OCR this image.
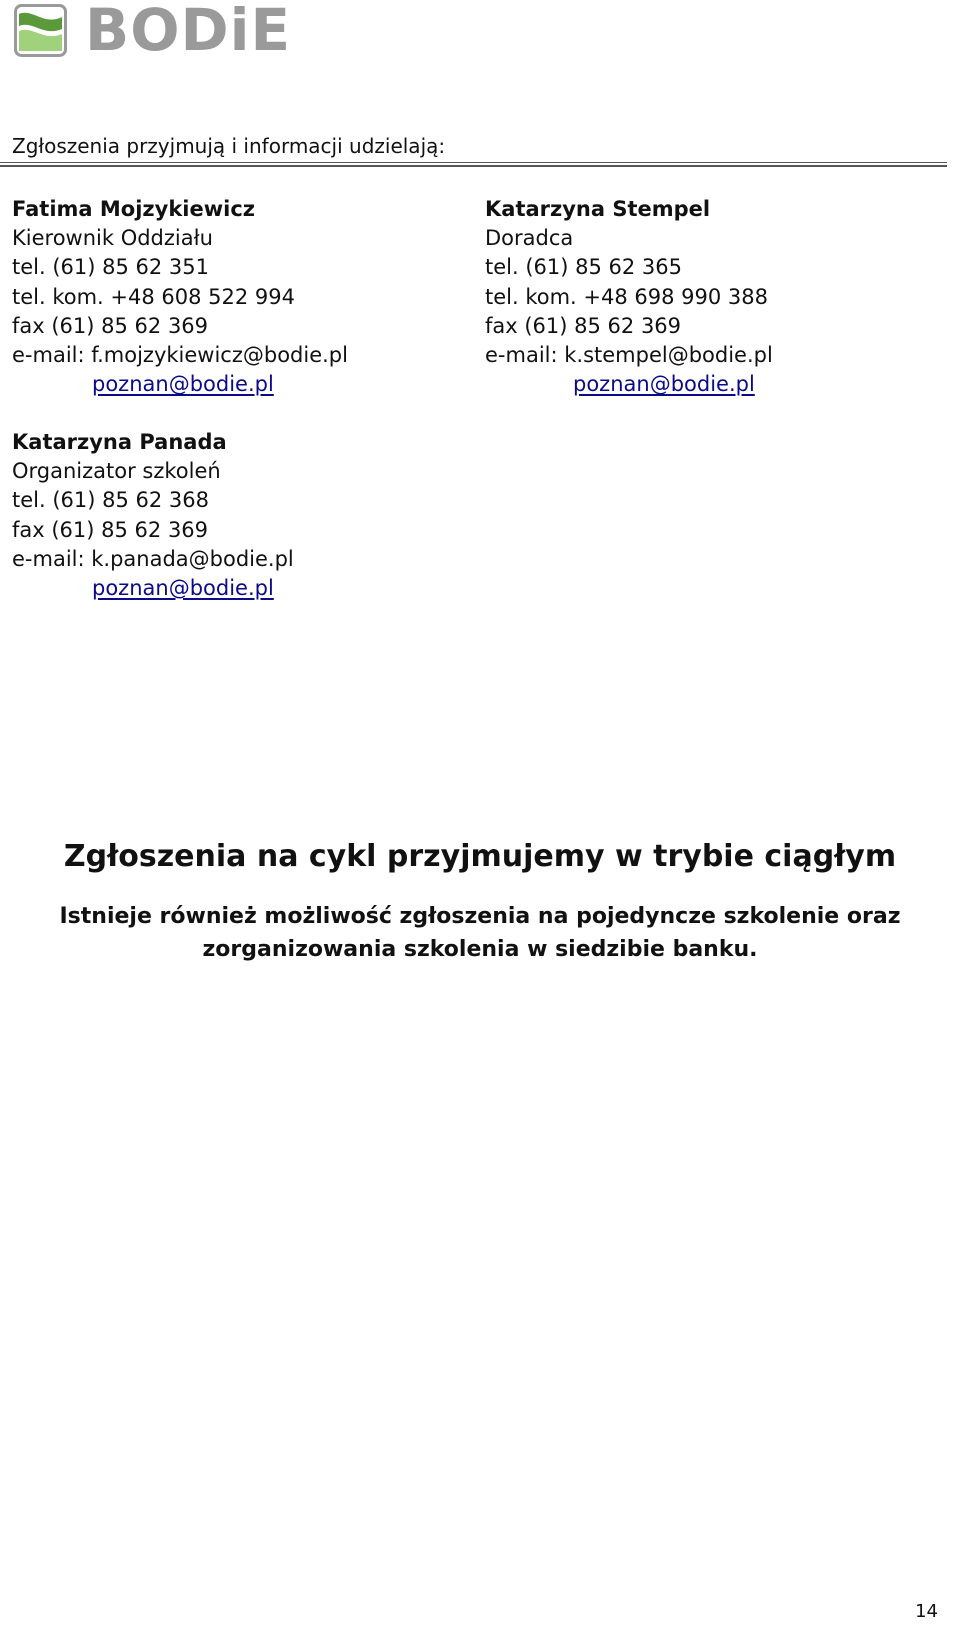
BODiE
Zgłoszenia przyjmują i informacji udzielają:
Fatima Mojzykiewicz
Kierownik Oddziału
tel. (61) 85 62 351
tel. kom. +48 608 522 994
fax (61) 85 62 369
e-mail: f.mojzykiewicz@bodie.pl
poznan@bodie.pl
Katarzyna Stempel
Doradca
tel. (61) 85 62 365
tel. kom. +48 698 990 388
fax (61) 85 62 369
e-mail: k.stempel@bodie.pl
poznan@bodie.pl
Katarzyna Panada
Organizator szkoleń
tel. (61) 85 62 368
fax (61) 85 62 369
e-mail: k.panada@bodie.pl
poznan@bodie.pl
Zgłoszenia na cykl przyjmujemy w trybie ciągłym
Istnieje również możliwość zgłoszenia na pojedyncze szkolenie oraz
zorganizowania szkolenia w siedzibie banku.
14
